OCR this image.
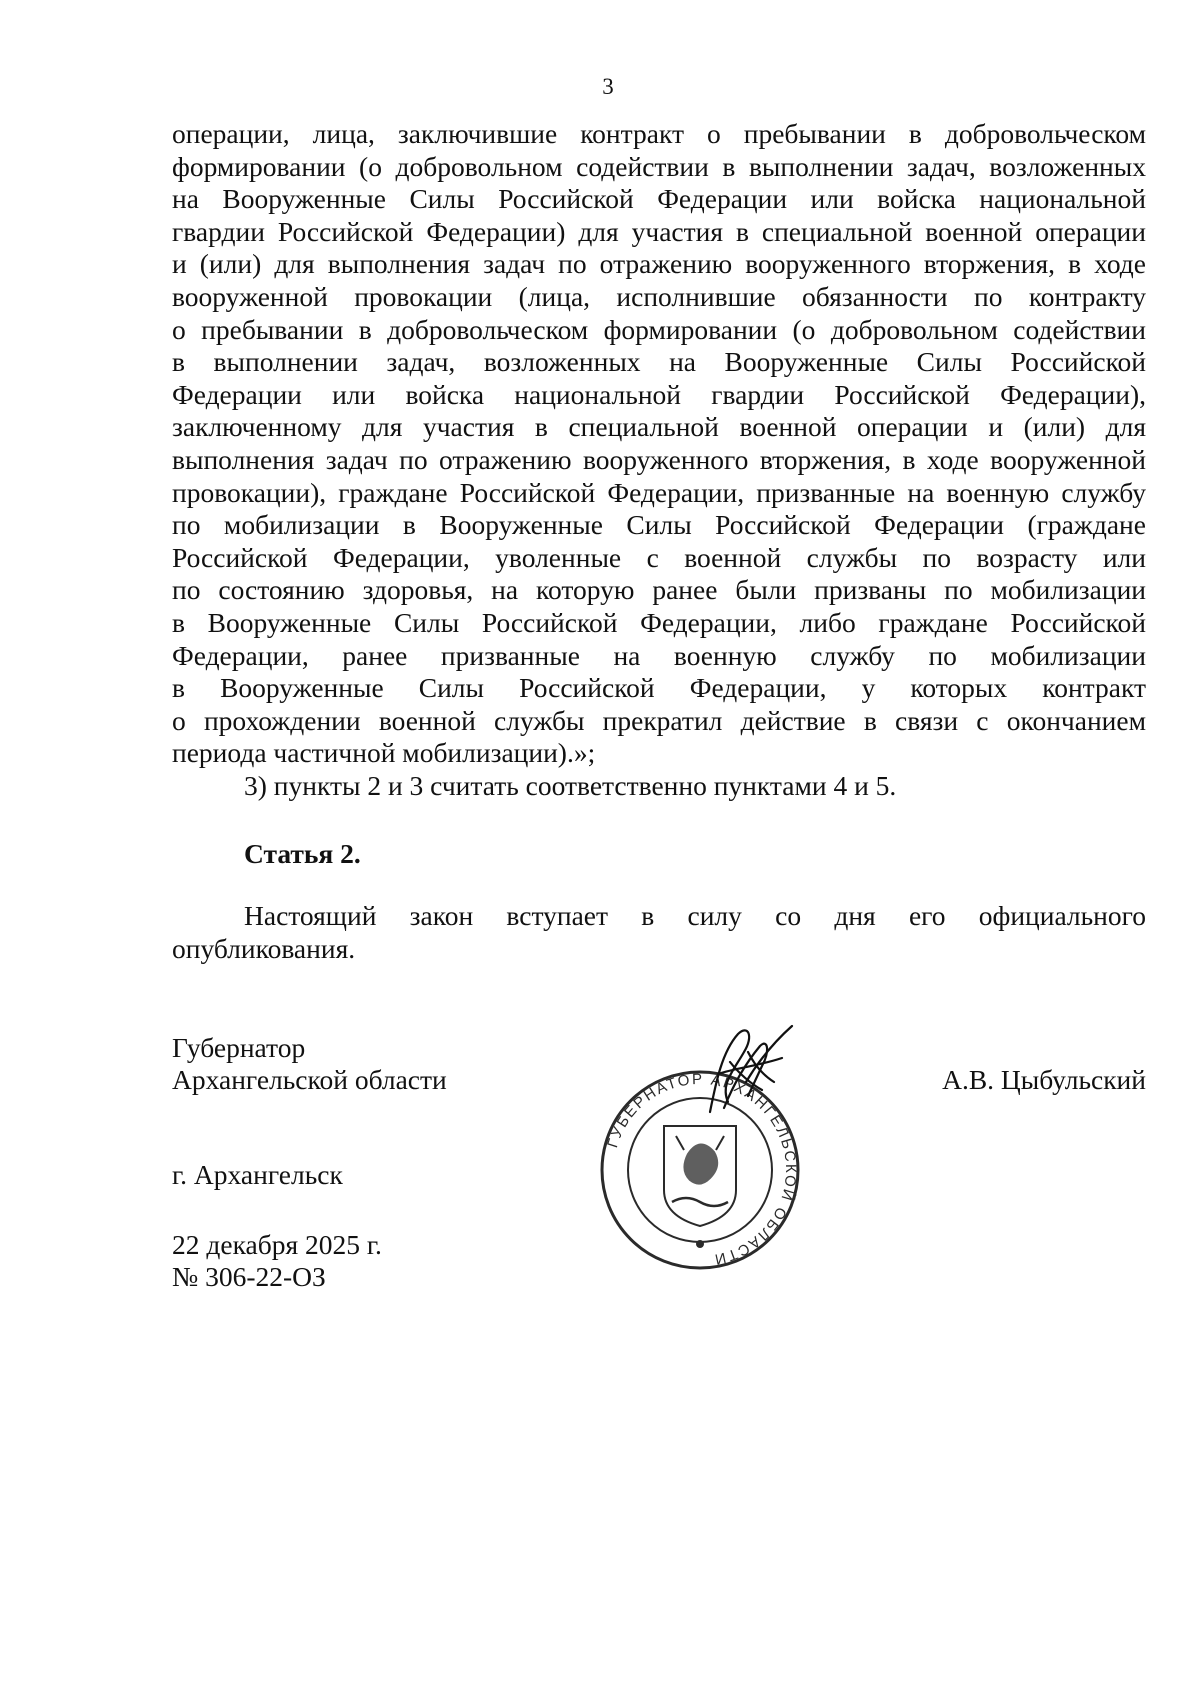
3
операции, лица, заключившие контракт о пребывании в добровольческом
формировании (о добровольном содействии в выполнении задач, возложенных
на Вооруженные Силы Российской Федерации или войска национальной
гвардии Российской Федерации) для участия в специальной военной операции
и (или) для выполнения задач по отражению вооруженного вторжения, в ходе
вооруженной провокации (лица, исполнившие обязанности по контракту
о пребывании в добровольческом формировании (о добровольном содействии
в выполнении задач, возложенных на Вооруженные Силы Российской
Федерации или войска национальной гвардии Российской Федерации),
заключенному для участия в специальной военной операции и (или) для
выполнения задач по отражению вооруженного вторжения, в ходе вооруженной
провокации), граждане Российской Федерации, призванные на военную службу
по мобилизации в Вооруженные Силы Российской Федерации (граждане
Российской Федерации, уволенные с военной службы по возрасту или
по состоянию здоровья, на которую ранее были призваны по мобилизации
в Вооруженные Силы Российской Федерации, либо граждане Российской
Федерации, ранее призванные на военную службу по мобилизации
в Вооруженные Силы Российской Федерации, у которых контракт
о прохождении военной службы прекратил действие в связи с окончанием
периода частичной мобилизации).»;
3) пункты 2 и 3 считать соответственно пунктами 4 и 5.
Статья 2.
Настоящий закон вступает в силу со дня его официального
опубликования.
Губернатор
Архангельской области	А.В. Цыбульский
г. Архангельск
22 декабря 2025 г.
№ 306-22-ОЗ
ГУБЕРНАТОР АРХАНГЕЛЬСКОЙ ОБЛАСТИ
